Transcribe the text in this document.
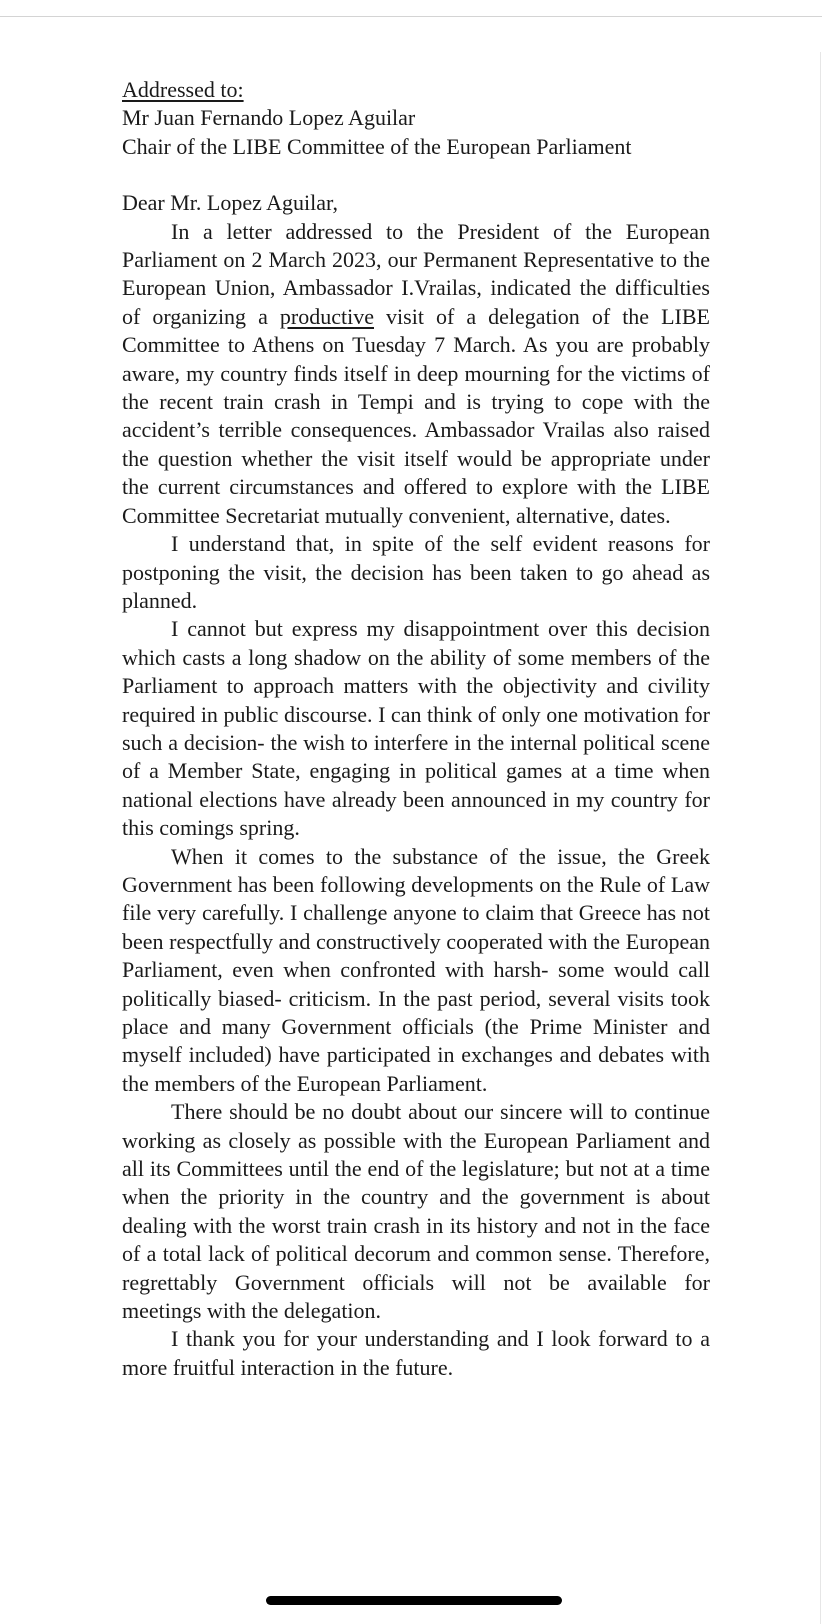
Addressed to:
Mr Juan Fernando Lopez Aguilar
Chair of the LIBE Committee of the European Parliament
Dear Mr. Lopez Aguilar,

In a letter addressed to the President of the European Parliament on 2 March 2023, our Permanent Representative to the European Union, Ambassador I.Vrailas, indicated the difficulties of organizing a productive visit of a delegation of the LIBE Committee to Athens on Tuesday 7 March. As you are probably aware, my country finds itself in deep mourning for the victims of the recent train crash in Tempi and is trying to cope with the accident’s terrible consequences. Ambassador Vrailas also raised the question whether the visit itself would be appropriate under the current circumstances and offered to explore with the LIBE Committee Secretariat mutually convenient, alternative, dates.

I understand that, in spite of the self evident reasons for postponing the visit, the decision has been taken to go ahead as planned.

I cannot but express my disappointment over this decision which casts a long shadow on the ability of some members of the Parliament to approach matters with the objectivity and civility required in public discourse. I can think of only one motivation for such a decision- the wish to interfere in the internal political scene of a Member State, engaging in political games at a time when national elections have already been announced in my country for this comings spring.

When it comes to the substance of the issue, the Greek Government has been following developments on the Rule of Law file very carefully. I challenge anyone to claim that Greece has not been respectfully and constructively cooperated with the European Parliament, even when confronted with harsh- some would call politically biased- criticism. In the past period, several visits took place and many Government officials (the Prime Minister and myself included) have participated in exchanges and debates with the members of the European Parliament.

There should be no doubt about our sincere will to continue working as closely as possible with the European Parliament and all its Committees until the end of the legislature; but not at a time when the priority in the country and the government is about dealing with the worst train crash in its history and not in the face of a total lack of political decorum and common sense. Therefore, regrettably Government officials will not be available for meetings with the delegation.

I thank you for your understanding and I look forward to a more fruitful interaction in the future.
